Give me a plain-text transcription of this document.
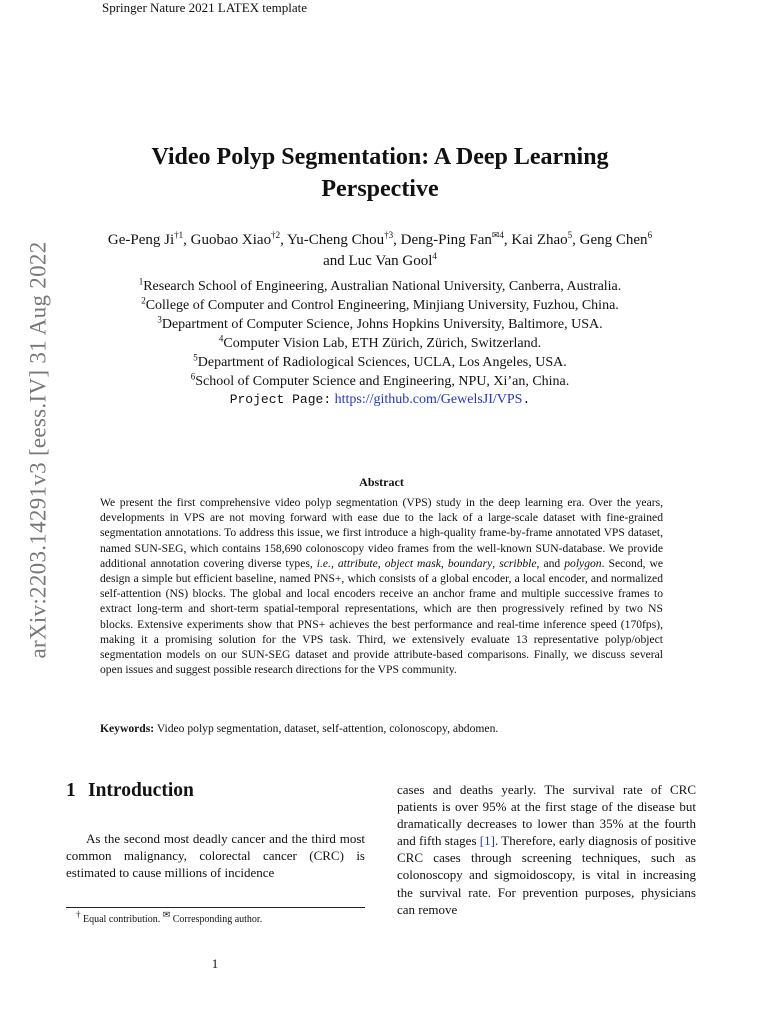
Springer Nature 2021 LATEX template
arXiv:2203.14291v3 [eess.IV] 31 Aug 2022
Video Polyp Segmentation: A Deep Learning Perspective
Ge-Peng Ji$^{\dagger 1}$, Guobao Xiao$^{\dagger 2}$, Yu-Cheng Chou$^{\dagger 3}$, Deng-Ping Fan$^{✉4}$, Kai Zhao$^5$, Geng Chen$^6$ and Luc Van Gool$^4$
$^1$Research School of Engineering, Australian National University, Canberra, Australia.
$^2$College of Computer and Control Engineering, Minjiang University, Fuzhou, China.
$^3$Department of Computer Science, Johns Hopkins University, Baltimore, USA.
$^4$Computer Vision Lab, ETH Zürich, Zürich, Switzerland.
$^5$Department of Radiological Sciences, UCLA, Los Angeles, USA.
$^6$School of Computer Science and Engineering, NPU, Xi’an, China.
Project Page: https://github.com/GewelsJI/VPS.
Abstract
We present the first comprehensive video polyp segmentation (VPS) study in the deep learning era. Over the years, developments in VPS are not moving forward with ease due to the lack of a large-scale dataset with fine-grained segmentation annotations. To address this issue, we first introduce a high-quality frame-by-frame annotated VPS dataset, named SUN-SEG, which contains 158,690 colonoscopy video frames from the well-known SUN-database. We provide additional annotation covering diverse types, i.e., attribute, object mask, boundary, scribble, and polygon. Second, we design a simple but efficient baseline, named PNS+, which consists of a global encoder, a local encoder, and normalized self-attention (NS) blocks. The global and local encoders receive an anchor frame and multiple successive frames to extract long-term and short-term spatial-temporal representations, which are then progressively refined by two NS blocks. Extensive experiments show that PNS+ achieves the best performance and real-time inference speed (170fps), making it a promising solution for the VPS task. Third, we extensively evaluate 13 representative polyp/object segmentation models on our SUN-SEG dataset and provide attribute-based comparisons. Finally, we discuss several open issues and suggest possible research directions for the VPS community.
Keywords: Video polyp segmentation, dataset, self-attention, colonoscopy, abdomen.
1 Introduction

As the second most deadly cancer and the third most common malignancy, colorectal cancer (CRC) is estimated to cause millions of incidence

cases and deaths yearly. The survival rate of CRC patients is over 95% at the first stage of the disease but dramatically decreases to lower than 35% at the fourth and fifth stages [1]. Therefore, early diagnosis of positive CRC cases through screening techniques, such as colonoscopy and sigmoidoscopy, is vital in increasing the survival rate. For prevention purposes, physicians can remove
† Equal contribution. ✉ Corresponding author.
1
